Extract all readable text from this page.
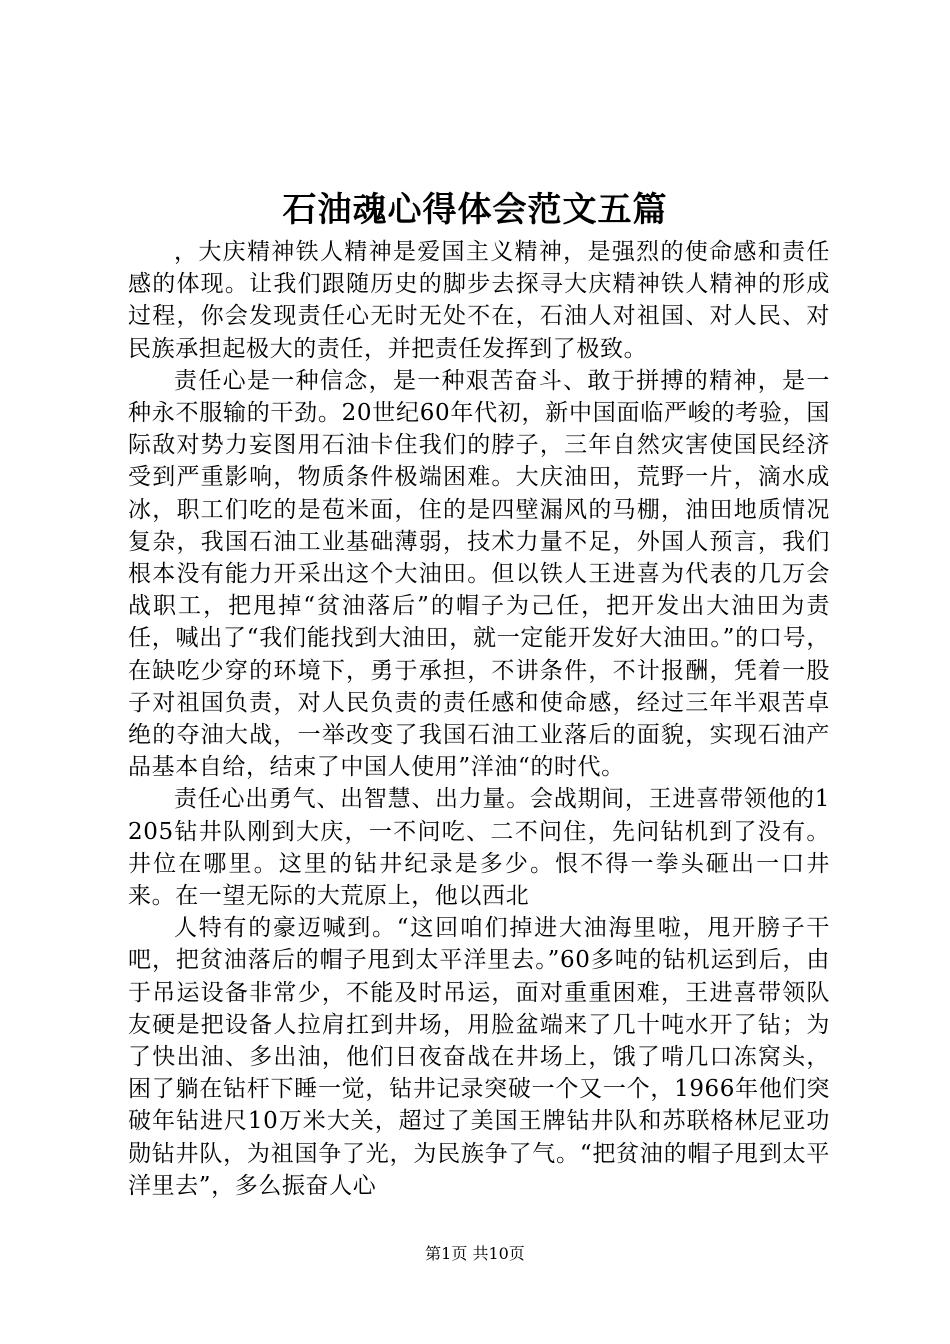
石油魂心得体会范文五篇

，大庆精神铁人精神是爱国主义精神，是强烈的使命感和责任感的体现。让我们跟随历史的脚步去探寻大庆精神铁人精神的形成过程，你会发现责任心无时无处不在，石油人对祖国、对人民、对民族承担起极大的责任，并把责任发挥到了极致。

责任心是一种信念，是一种艰苦奋斗、敢于拼搏的精神，是一种永不服输的干劲。20世纪60年代初，新中国面临严峻的考验，国际敌对势力妄图用石油卡住我们的脖子，三年自然灾害使国民经济受到严重影响，物质条件极端困难。大庆油田，荒野一片，滴水成冰，职工们吃的是苞米面，住的是四壁漏风的马棚，油田地质情况复杂，我国石油工业基础薄弱，技术力量不足，外国人预言，我们根本没有能力开采出这个大油田。但以铁人王进喜为代表的几万会战职工，把甩掉“贫油落后”的帽子为己任，把开发出大油田为责任，喊出了“我们能找到大油田，就一定能开发好大油田。”的口号，在缺吃少穿的环境下，勇于承担，不讲条件，不计报酬，凭着一股子对祖国负责，对人民负责的责任感和使命感，经过三年半艰苦卓绝的夺油大战，一举改变了我国石油工业落后的面貌，实现石油产品基本自给，结束了中国人使用”洋油“的时代。

责任心出勇气、出智慧、出力量。会战期间，王进喜带领他的1205钻井队刚到大庆，一不问吃、二不问住，先问钻机到了没有。井位在哪里。这里的钻井纪录是多少。恨不得一拳头砸出一口井来。在一望无际的大荒原上，他以西北

人特有的豪迈喊到。“这回咱们掉进大油海里啦，甩开膀子干吧，把贫油落后的帽子甩到太平洋里去。”60多吨的钻机运到后，由于吊运设备非常少，不能及时吊运，面对重重困难，王进喜带领队友硬是把设备人拉肩扛到井场，用脸盆端来了几十吨水开了钻；为了快出油、多出油，他们日夜奋战在井场上，饿了啃几口冻窝头，困了躺在钻杆下睡一觉，钻井记录突破一个又一个，1966年他们突破年钻进尺10万米大关，超过了美国王牌钻井队和苏联格林尼亚功勋钻井队，为祖国争了光，为民族争了气。“把贫油的帽子甩到太平洋里去”，多么振奋人心

第1页 共10页
